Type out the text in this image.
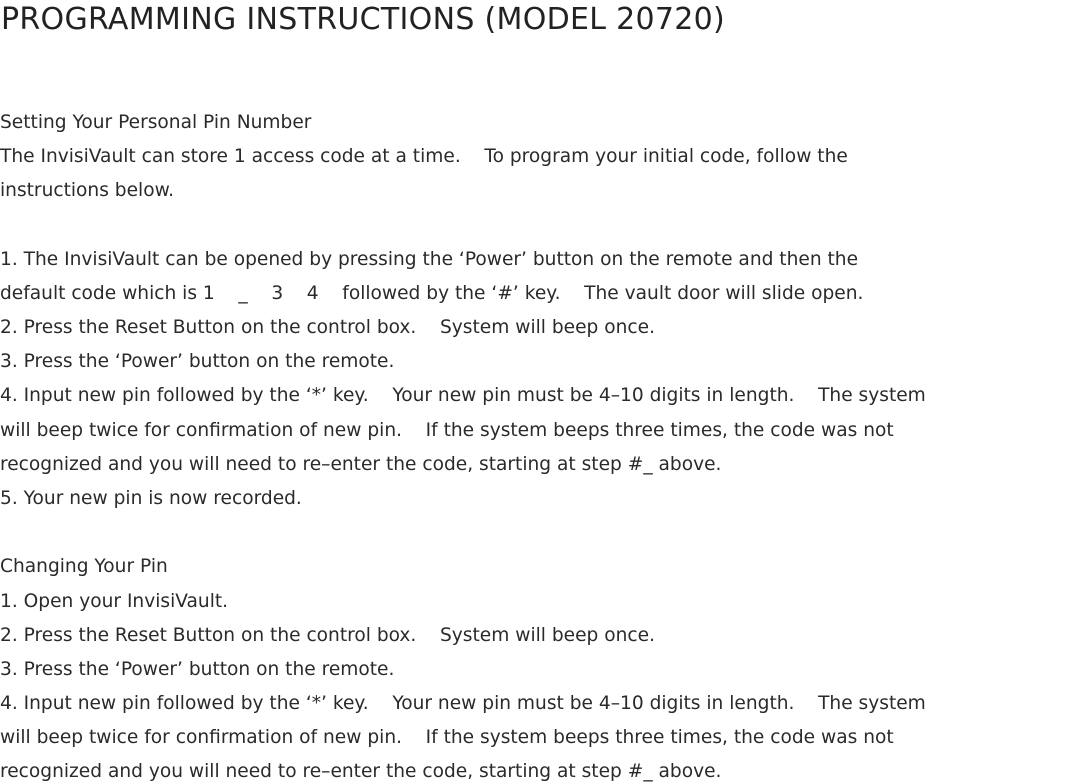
PROGRAMMING INSTRUCTIONS (MODEL 20720)
Setting Your Personal Pin Number
The InvisiVault can store 1 access code at a time.    To program your initial code, follow the
instructions below.
1. The InvisiVault can be opened by pressing the ‘Power’ button on the remote and then the
default code which is 1    _    3    4    followed by the ‘#’ key.    The vault door will slide open.
2. Press the Reset Button on the control box.    System will beep once.
3. Press the ‘Power’ button on the remote.
4. Input new pin followed by the ‘*’ key.    Your new pin must be 4–10 digits in length.    The system
will beep twice for confirmation of new pin.    If the system beeps three times, the code was not
recognized and you will need to re–enter the code, starting at step #_ above.
5. Your new pin is now recorded.
Changing Your Pin
1. Open your InvisiVault.
2. Press the Reset Button on the control box.    System will beep once.
3. Press the ‘Power’ button on the remote.
4. Input new pin followed by the ‘*’ key.    Your new pin must be 4–10 digits in length.    The system
will beep twice for confirmation of new pin.    If the system beeps three times, the code was not
recognized and you will need to re–enter the code, starting at step #_ above.
